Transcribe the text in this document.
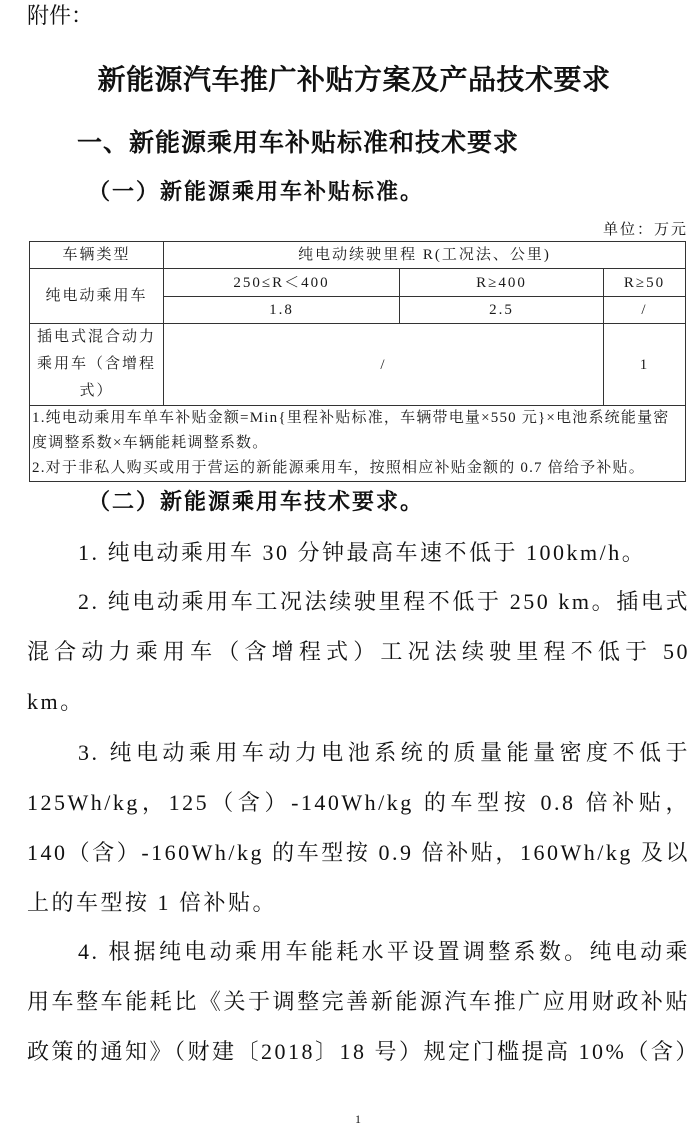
附件：
新能源汽车推广补贴方案及产品技术要求
一、新能源乘用车补贴标准和技术要求
（一）新能源乘用车补贴标准。
单位：万元
车辆类型	纯电动续驶里程 R(工况法、公里)		
纯电动乘用车	250≤R＜400	R≥400	R≥50
	1.8	2.5	/
插电式混合动力乘用车（含增程式）	/		1

1.纯电动乘用车单车补贴金额=Min{里程补贴标准，车辆带电量×550 元}×电池系统能量密度调整系数×车辆能耗调整系数。
2.对于非私人购买或用于营运的新能源乘用车，按照相应补贴金额的 0.7 倍给予补贴。			
（二）新能源乘用车技术要求。

1. 纯电动乘用车 30 分钟最高车速不低于 100km/h。

2. 纯电动乘用车工况法续驶里程不低于 250 km。插电式混合动力乘用车（含增程式）工况法续驶里程不低于 50 km。

3. 纯电动乘用车动力电池系统的质量能量密度不低于 125Wh/kg，125（含）-140Wh/kg 的车型按 0.8 倍补贴，140（含）-160Wh/kg 的车型按 0.9 倍补贴，160Wh/kg 及以上的车型按 1 倍补贴。

4. 根据纯电动乘用车能耗水平设置调整系数。纯电动乘用车整车能耗比《关于调整完善新能源汽车推广应用财政补贴政策的通知》（财建〔2018〕18 号）规定门槛提高 10%（含）

1
